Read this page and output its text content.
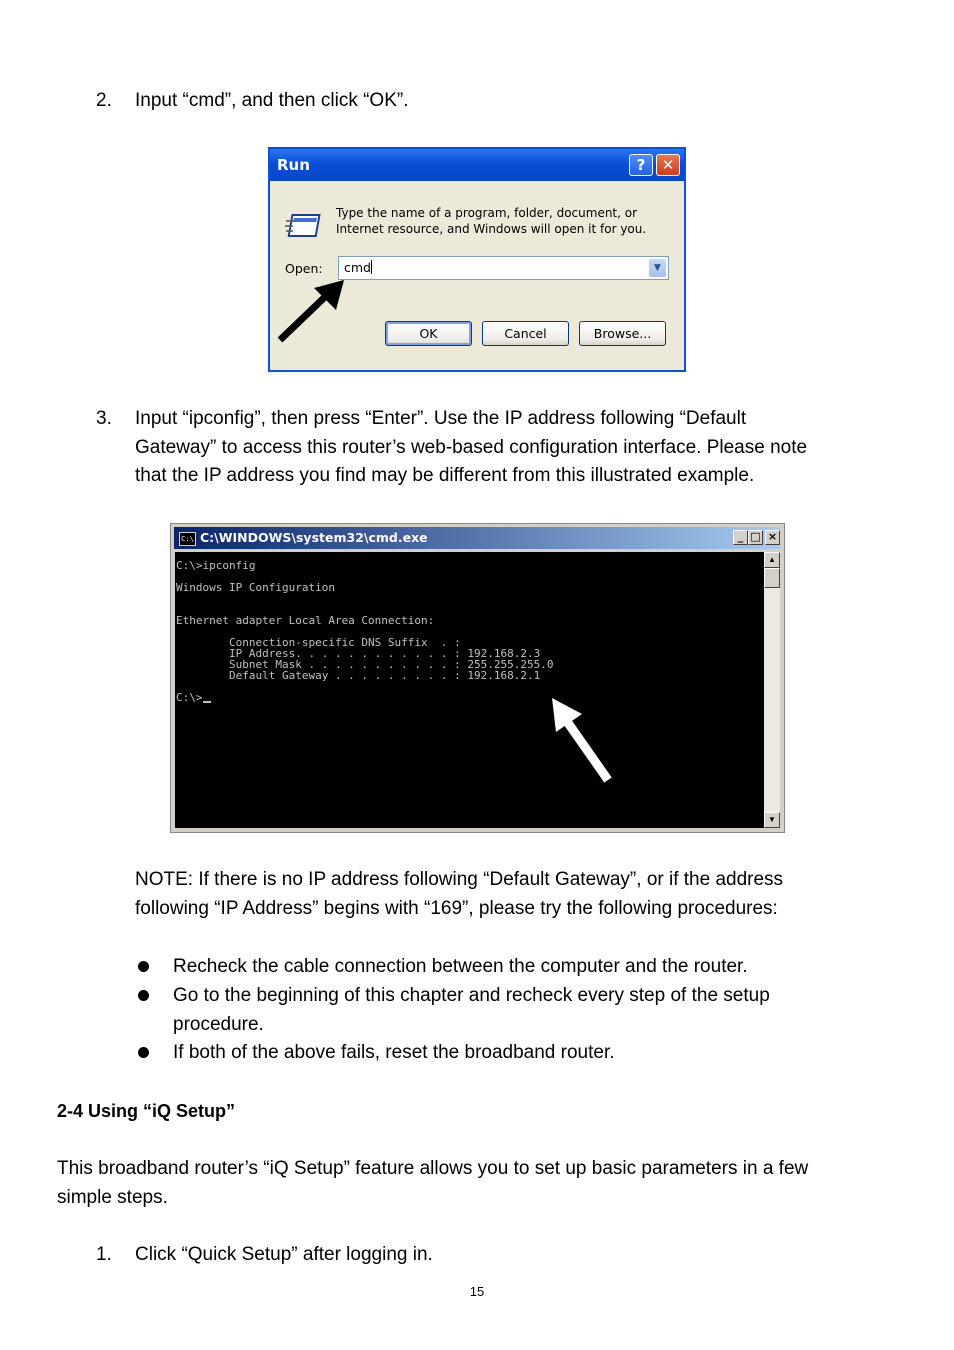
2. Input “cmd”, and then click “OK”.
Run	?	✕
Type the name of a program, folder, document, or
Internet resource, and Windows will open it for you.
Open:	cmd	▼
OK	Cancel	Browse...
3. Input “ipconfig”, then press “Enter”. Use the IP address following “Default
Gateway” to access this router’s web-based configuration interface. Please note
that the IP address you find may be different from this illustrated example.
C:\ C:\WINDOWS\system32\cmd.exe	_ □ ×
C:\>ipconfig

Windows IP Configuration

Ethernet adapter Local Area Connection:

Connection-specific DNS Suffix  . :
IP Address. . . . . . . . . . . . : 192.168.2.3
Subnet Mask . . . . . . . . . . . : 255.255.255.0
Default Gateway . . . . . . . . . : 192.168.2.1

C:\>
▲
▼
NOTE: If there is no IP address following “Default Gateway”, or if the address
following “IP Address” begins with “169”, please try the following procedures:
Recheck the cable connection between the computer and the router.
Go to the beginning of this chapter and recheck every step of the setup
procedure.
If both of the above fails, reset the broadband router.
2-4 Using “iQ Setup”
This broadband router’s “iQ Setup” feature allows you to set up basic parameters in a few
simple steps.
1. Click “Quick Setup” after logging in.
15
